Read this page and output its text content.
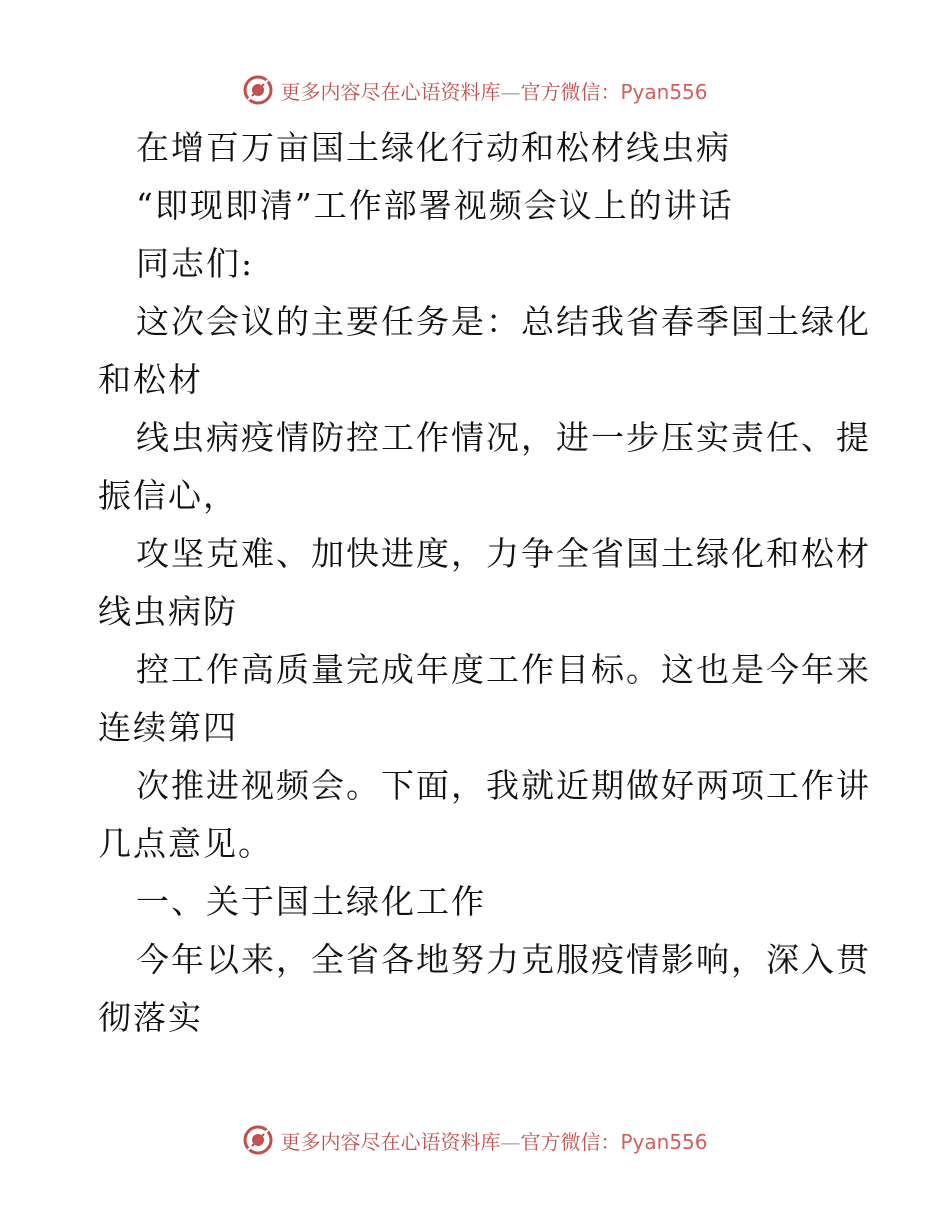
更多内容尽在心语资料库—官方微信：Pyan556
在增百万亩国土绿化行动和松材线虫病
“即现即清”工作部署视频会议上的讲话
同志们:
这次会议的主要任务是：总结我省春季国土绿化
和松材
线虫病疫情防控工作情况，进一步压实责任、提
振信心，
攻坚克难、加快进度，力争全省国土绿化和松材
线虫病防
控工作高质量完成年度工作目标。这也是今年来
连续第四
次推进视频会。下面，我就近期做好两项工作讲
几点意见。
一、关于国土绿化工作
今年以来，全省各地努力克服疫情影响，深入贯
彻落实
更多内容尽在心语资料库—官方微信：Pyan556
